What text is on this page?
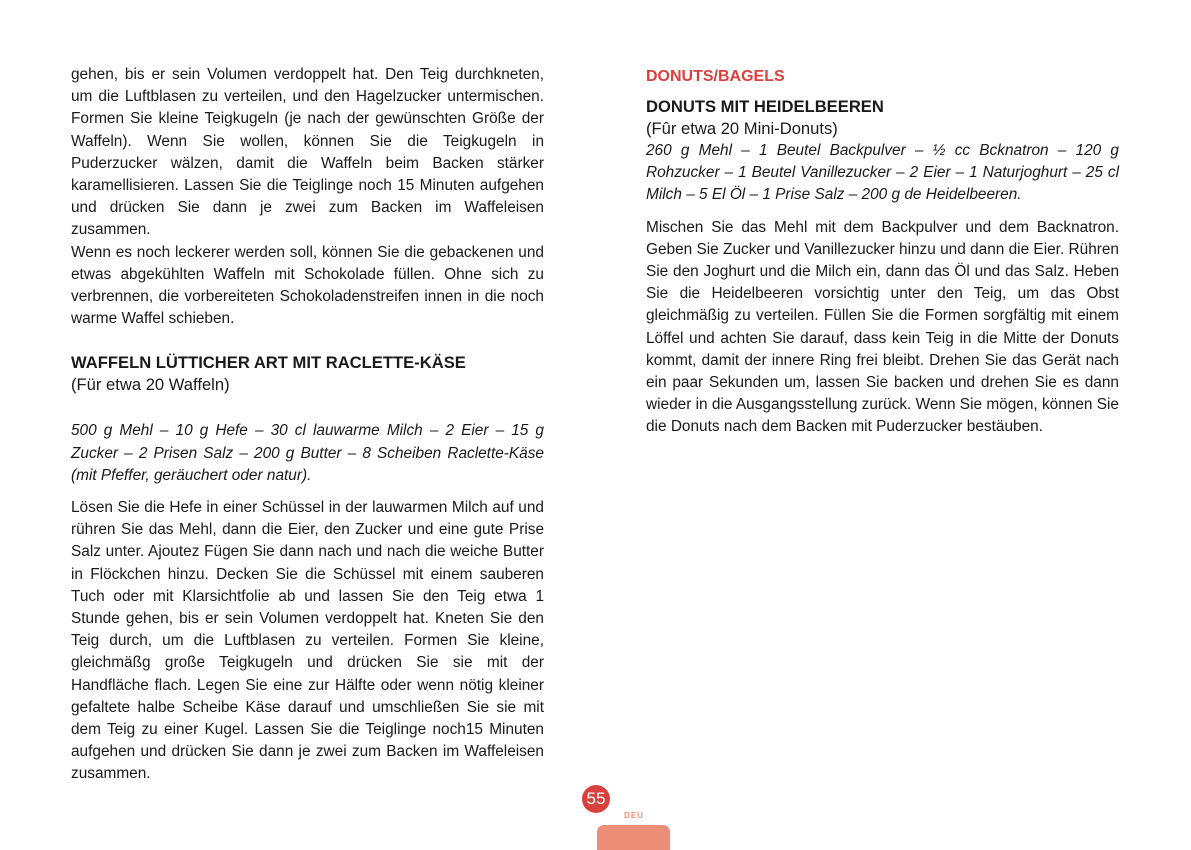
gehen, bis er sein Volumen verdoppelt hat. Den Teig durchkneten, um die Luftblasen zu verteilen, und den Hagelzucker untermischen. Formen Sie kleine Teigkugeln (je nach der gewünschten Größe der Waffeln). Wenn Sie wollen, können Sie die Teigkugeln in Puderzucker wälzen, damit die Waffeln beim Backen stärker karamellisieren. Lassen Sie die Teiglinge noch 15 Minuten aufgehen und drücken Sie dann je zwei zum Backen im Waffeleisen zusammen.

Wenn es noch leckerer werden soll, können Sie die gebackenen und etwas abgekühlten Waffeln mit Schokolade füllen. Ohne sich zu verbrennen, die vorbereiteten Schokoladenstreifen innen in die noch warme Waffel schieben.

WAFFELN LÜTTICHER ART MIT RACLETTE-KÄSE
(Für etwa 20 Waffeln)

500 g Mehl – 10 g Hefe – 30 cl lauwarme Milch – 2 Eier – 15 g Zucker – 2 Prisen Salz – 200 g Butter – 8 Scheiben Raclette-Käse (mit Pfeffer, geräuchert oder natur).

Lösen Sie die Hefe in einer Schüssel in der lauwarmen Milch auf und rühren Sie das Mehl, dann die Eier, den Zucker und eine gute Prise Salz unter. Ajoutez Fügen Sie dann nach und nach die weiche Butter in Flöckchen hinzu. Decken Sie die Schüssel mit einem sauberen Tuch oder mit Klarsichtfolie ab und lassen Sie den Teig etwa 1 Stunde gehen, bis er sein Volumen verdoppelt hat. Kneten Sie den Teig durch, um die Luftblasen zu verteilen. Formen Sie kleine, gleichmäßg große Teigkugeln und drücken Sie sie mit der Handfläche flach. Legen Sie eine zur Hälfte oder wenn nötig kleiner gefaltete halbe Scheibe Käse darauf und umschließen Sie sie mit dem Teig zu einer Kugel. Lassen Sie die Teiglinge noch15 Minuten aufgehen und drücken Sie dann je zwei zum Backen im Waffeleisen zusammen.

DONUTS/BAGELS
DONUTS MIT HEIDELBEEREN
(Fûr etwa 20 Mini-Donuts)

260 g Mehl – 1 Beutel Backpulver – ½ cc Bcknatron – 120 g Rohzucker – 1 Beutel Vanillezucker – 2 Eier – 1 Naturjoghurt – 25 cl Milch – 5 El Öl – 1 Prise Salz – 200 g de Heidelbeeren.

Mischen Sie das Mehl mit dem Backpulver und dem Backnatron. Geben Sie Zucker und Vanillezucker hinzu und dann die Eier. Rühren Sie den Joghurt und die Milch ein, dann das Öl und das Salz. Heben Sie die Heidelbeeren vorsichtig unter den Teig, um das Obst gleichmäßig zu verteilen. Füllen Sie die Formen sorgfältig mit einem Löffel und achten Sie darauf, dass kein Teig in die Mitte der Donuts kommt, damit der innere Ring frei bleibt. Drehen Sie das Gerät nach ein paar Sekunden um, lassen Sie backen und drehen Sie es dann wieder in die Ausgangsstellung zurück. Wenn Sie mögen, können Sie die Donuts nach dem Backen mit Puderzucker bestäuben.

55
DEU
